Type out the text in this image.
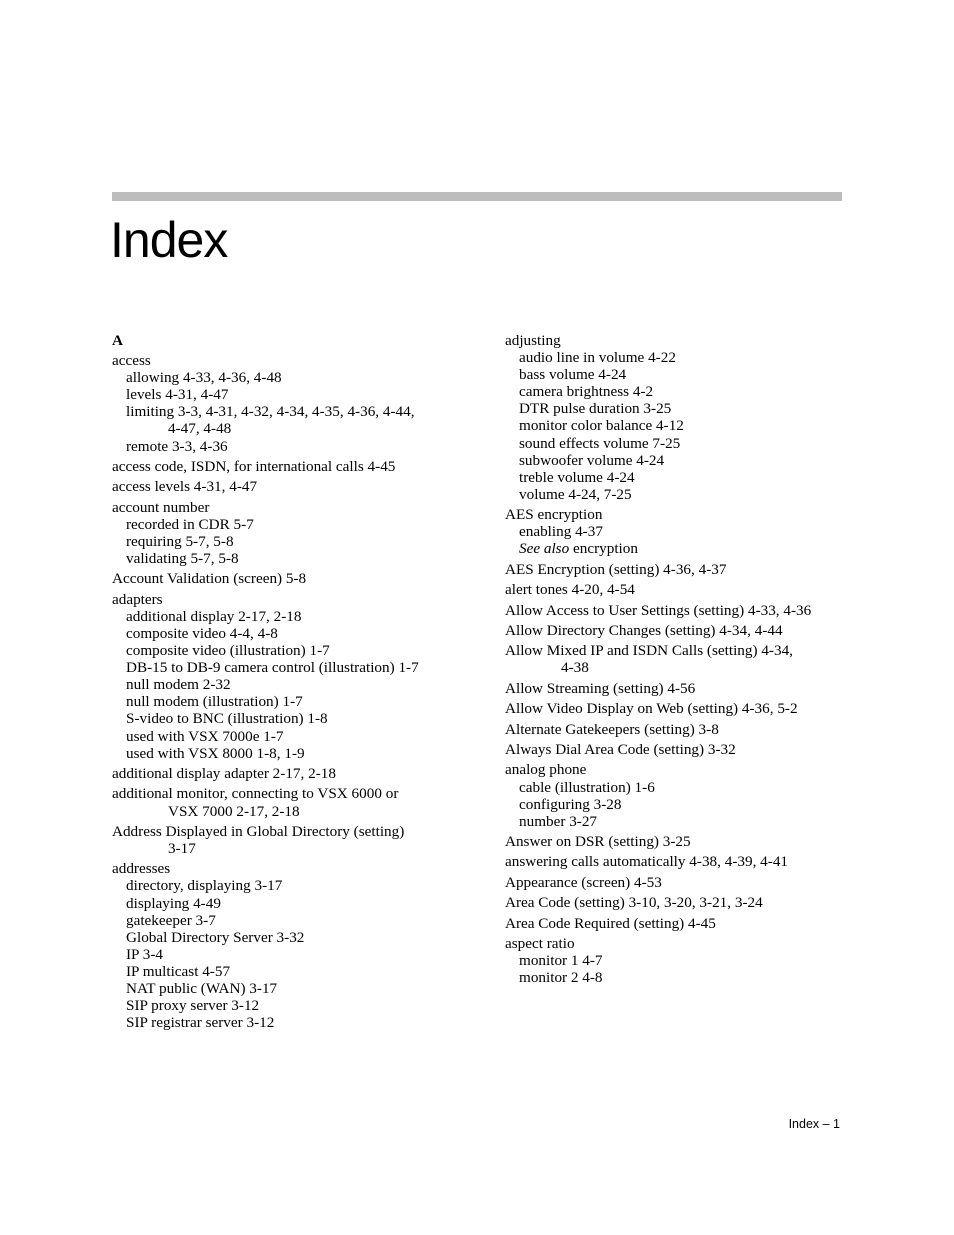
Index
A
access
allowing 4-33, 4-36, 4-48
levels 4-31, 4-47
limiting 3-3, 4-31, 4-32, 4-34, 4-35, 4-36, 4-44,
4-47, 4-48
remote 3-3, 4-36
access code, ISDN, for international calls 4-45
access levels 4-31, 4-47
account number
recorded in CDR 5-7
requiring 5-7, 5-8
validating 5-7, 5-8
Account Validation (screen) 5-8
adapters
additional display 2-17, 2-18
composite video 4-4, 4-8
composite video (illustration) 1-7
DB-15 to DB-9 camera control (illustration) 1-7
null modem 2-32
null modem (illustration) 1-7
S-video to BNC (illustration) 1-8
used with VSX 7000e 1-7
used with VSX 8000 1-8, 1-9
additional display adapter 2-17, 2-18
additional monitor, connecting to VSX 6000 or
VSX 7000 2-17, 2-18
Address Displayed in Global Directory (setting)
3-17
addresses
directory, displaying 3-17
displaying 4-49
gatekeeper 3-7
Global Directory Server 3-32
IP 3-4
IP multicast 4-57
NAT public (WAN) 3-17
SIP proxy server 3-12
SIP registrar server 3-12
adjusting
audio line in volume 4-22
bass volume 4-24
camera brightness 4-2
DTR pulse duration 3-25
monitor color balance 4-12
sound effects volume 7-25
subwoofer volume 4-24
treble volume 4-24
volume 4-24, 7-25
AES encryption
enabling 4-37
See also encryption
AES Encryption (setting) 4-36, 4-37
alert tones 4-20, 4-54
Allow Access to User Settings (setting) 4-33, 4-36
Allow Directory Changes (setting) 4-34, 4-44
Allow Mixed IP and ISDN Calls (setting) 4-34,
4-38
Allow Streaming (setting) 4-56
Allow Video Display on Web (setting) 4-36, 5-2
Alternate Gatekeepers (setting) 3-8
Always Dial Area Code (setting) 3-32
analog phone
cable (illustration) 1-6
configuring 3-28
number 3-27
Answer on DSR (setting) 3-25
answering calls automatically 4-38, 4-39, 4-41
Appearance (screen) 4-53
Area Code (setting) 3-10, 3-20, 3-21, 3-24
Area Code Required (setting) 4-45
aspect ratio
monitor 1 4-7
monitor 2 4-8
Index – 1
